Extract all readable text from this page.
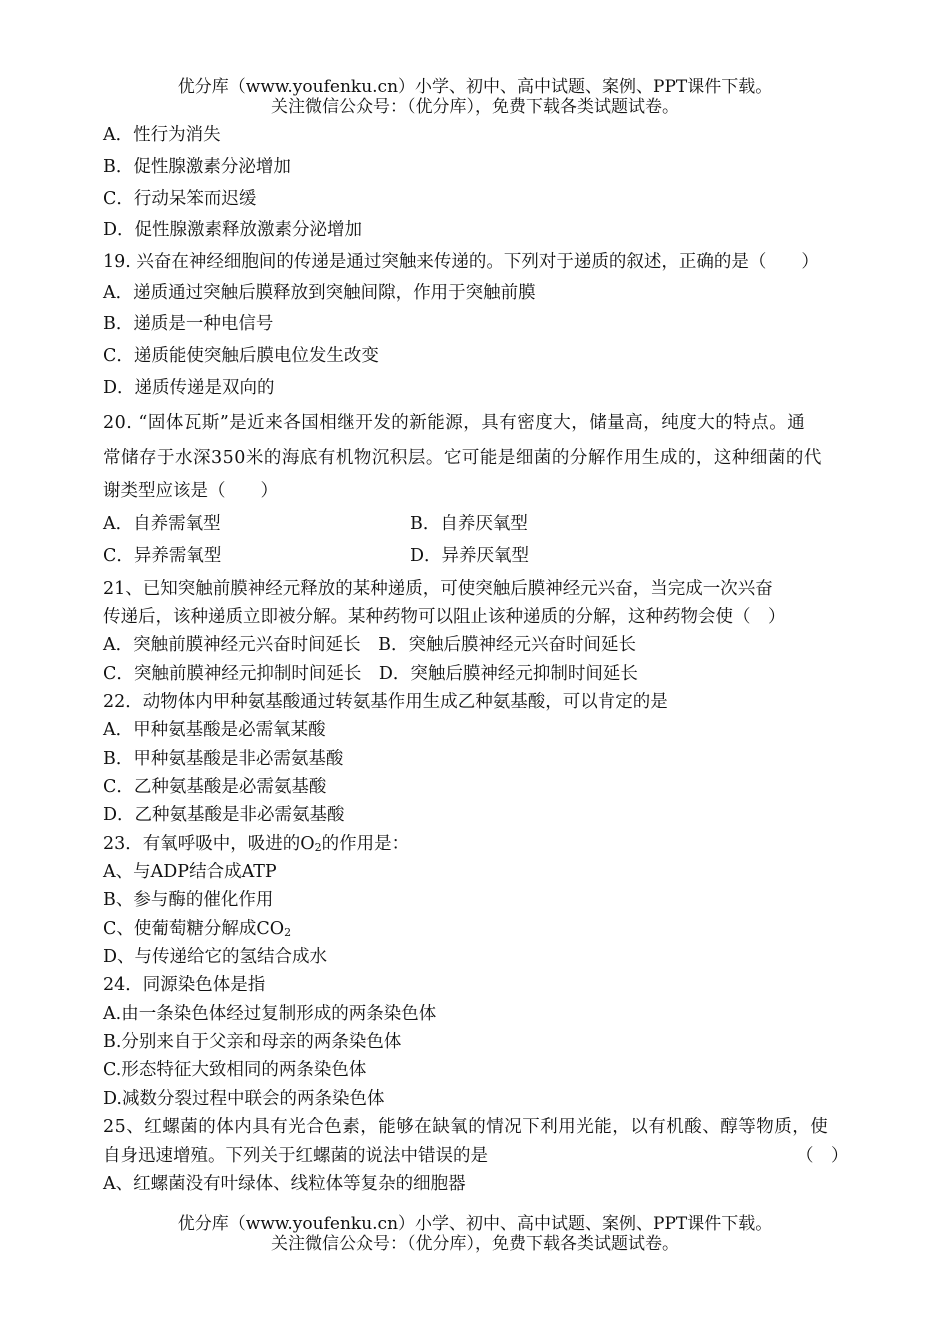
优分库（www.youfenku.cn）小学、初中、高中试题、案例、PPT课件下载。
关注微信公众号：（优分库），免费下载各类试题试卷。
A．性行为消失
B．促性腺激素分泌增加
C．行动呆笨而迟缓
D．促性腺激素释放激素分泌增加
19. 兴奋在神经细胞间的传递是通过突触来传递的。下列对于递质的叙述，正确的是（　　）
A．递质通过突触后膜释放到突触间隙，作用于突触前膜
B．递质是一种电信号
C．递质能使突触后膜电位发生改变
D．递质传递是双向的
20. “固体瓦斯”是近来各国相继开发的新能源，具有密度大，储量高，纯度大的特点。通
常储存于水深350米的海底有机物沉积层。它可能是细菌的分解作用生成的，这种细菌的代
谢类型应该是（　　）
A．自养需氧型	B．自养厌氧型
C．异养需氧型	D．异养厌氧型
21、已知突触前膜神经元释放的某种递质，可使突触后膜神经元兴奋，当完成一次兴奋
传递后，该种递质立即被分解。某种药物可以阻止该种递质的分解，这种药物会使（　）
A．突触前膜神经元兴奋时间延长　B．突触后膜神经元兴奋时间延长
C．突触前膜神经元抑制时间延长　D．突触后膜神经元抑制时间延长
22．动物体内甲种氨基酸通过转氨基作用生成乙种氨基酸，可以肯定的是
A．甲种氨基酸是必需氧某酸
B．甲种氨基酸是非必需氨基酸
C．乙种氨基酸是必需氨基酸
D．乙种氨基酸是非必需氨基酸
23．有氧呼吸中，吸进的$O_2$的作用是：
A、与ADP结合成ATP
B、参与酶的催化作用
C、使葡萄糖分解成$CO_2$
D、与传递给它的氢结合成水
24．同源染色体是指
A.由一条染色体经过复制形成的两条染色体
B.分别来自于父亲和母亲的两条染色体
C.形态特征大致相同的两条染色体
D.减数分裂过程中联会的两条染色体
25、红螺菌的体内具有光合色素，能够在缺氧的情况下利用光能，以有机酸、醇等物质，使
自身迅速增殖。下列关于红螺菌的说法中错误的是	（　）
A、红螺菌没有叶绿体、线粒体等复杂的细胞器
优分库（www.youfenku.cn）小学、初中、高中试题、案例、PPT课件下载。
关注微信公众号：（优分库），免费下载各类试题试卷。
